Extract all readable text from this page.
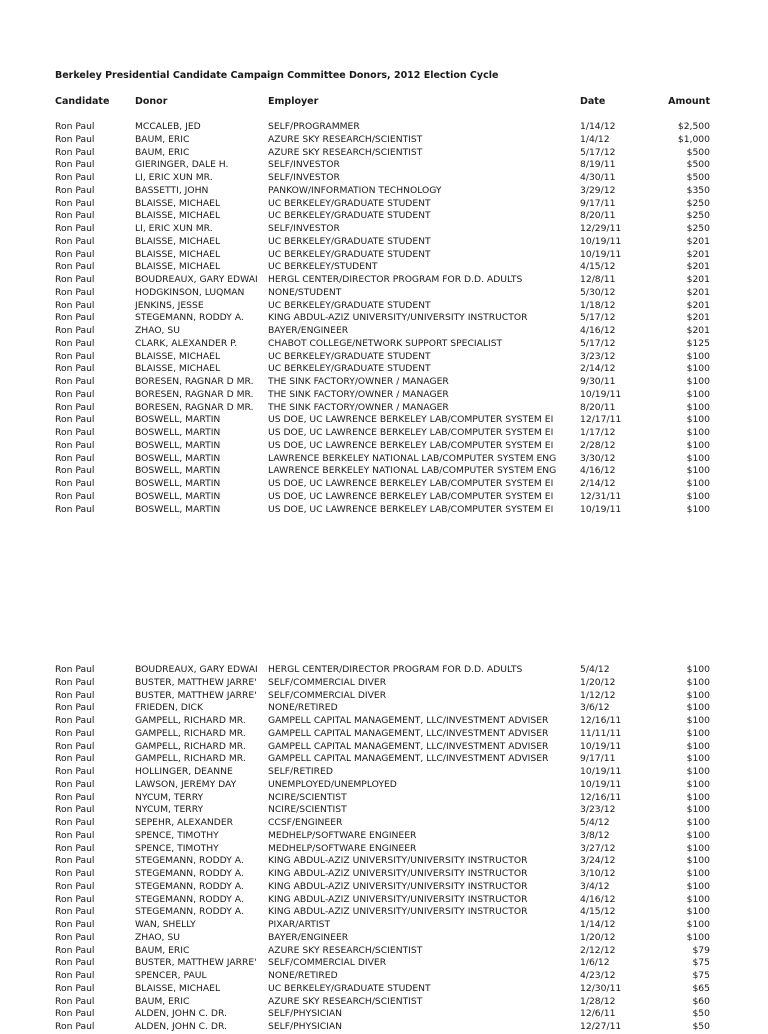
Berkeley Presidential Candidate Campaign Committee Donors, 2012 Election Cycle
Candidate	Donor	Employer	Date	Amount
Ron Paul	MCCALEB, JED	SELF/PROGRAMMER	1/14/12	$2,500
Ron Paul	BAUM, ERIC	AZURE SKY RESEARCH/SCIENTIST	1/4/12	$1,000
Ron Paul	BAUM, ERIC	AZURE SKY RESEARCH/SCIENTIST	5/17/12	$500
Ron Paul	GIERINGER, DALE H.	SELF/INVESTOR	8/19/11	$500
Ron Paul	LI, ERIC XUN MR.	SELF/INVESTOR	4/30/11	$500
Ron Paul	BASSETTI, JOHN	PANKOW/INFORMATION TECHNOLOGY	3/29/12	$350
Ron Paul	BLAISSE, MICHAEL	UC BERKELEY/GRADUATE STUDENT	9/17/11	$250
Ron Paul	BLAISSE, MICHAEL	UC BERKELEY/GRADUATE STUDENT	8/20/11	$250
Ron Paul	LI, ERIC XUN MR.	SELF/INVESTOR	12/29/11	$250
Ron Paul	BLAISSE, MICHAEL	UC BERKELEY/GRADUATE STUDENT	10/19/11	$201
Ron Paul	BLAISSE, MICHAEL	UC BERKELEY/GRADUATE STUDENT	10/19/11	$201
Ron Paul	BLAISSE, MICHAEL	UC BERKELEY/STUDENT	4/15/12	$201
Ron Paul	BOUDREAUX, GARY EDWAI	HERGL CENTER/DIRECTOR PROGRAM FOR D.D. ADULTS	12/8/11	$201
Ron Paul	HODGKINSON, LUQMAN	NONE/STUDENT	5/30/12	$201
Ron Paul	JENKINS, JESSE	UC BERKELEY/GRADUATE STUDENT	1/18/12	$201
Ron Paul	STEGEMANN, RODDY A.	KING ABDUL-AZIZ UNIVERSITY/UNIVERSITY INSTRUCTOR	5/17/12	$201
Ron Paul	ZHAO, SU	BAYER/ENGINEER	4/16/12	$201
Ron Paul	CLARK, ALEXANDER P.	CHABOT COLLEGE/NETWORK SUPPORT SPECIALIST	5/17/12	$125
Ron Paul	BLAISSE, MICHAEL	UC BERKELEY/GRADUATE STUDENT	3/23/12	$100
Ron Paul	BLAISSE, MICHAEL	UC BERKELEY/GRADUATE STUDENT	2/14/12	$100
Ron Paul	BORESEN, RAGNAR D MR.	THE SINK FACTORY/OWNER / MANAGER	9/30/11	$100
Ron Paul	BORESEN, RAGNAR D MR.	THE SINK FACTORY/OWNER / MANAGER	10/19/11	$100
Ron Paul	BORESEN, RAGNAR D MR.	THE SINK FACTORY/OWNER / MANAGER	8/20/11	$100
Ron Paul	BOSWELL, MARTIN	US DOE, UC LAWRENCE BERKELEY LAB/COMPUTER SYSTEM EI	12/17/11	$100
Ron Paul	BOSWELL, MARTIN	US DOE, UC LAWRENCE BERKELEY LAB/COMPUTER SYSTEM EI	1/17/12	$100
Ron Paul	BOSWELL, MARTIN	US DOE, UC LAWRENCE BERKELEY LAB/COMPUTER SYSTEM EI	2/28/12	$100
Ron Paul	BOSWELL, MARTIN	LAWRENCE BERKELEY NATIONAL LAB/COMPUTER SYSTEM ENG	3/30/12	$100
Ron Paul	BOSWELL, MARTIN	LAWRENCE BERKELEY NATIONAL LAB/COMPUTER SYSTEM ENG	4/16/12	$100
Ron Paul	BOSWELL, MARTIN	US DOE, UC LAWRENCE BERKELEY LAB/COMPUTER SYSTEM EI	2/14/12	$100
Ron Paul	BOSWELL, MARTIN	US DOE, UC LAWRENCE BERKELEY LAB/COMPUTER SYSTEM EI	12/31/11	$100
Ron Paul	BOSWELL, MARTIN	US DOE, UC LAWRENCE BERKELEY LAB/COMPUTER SYSTEM EI	10/19/11	$100
Ron Paul	BOUDREAUX, GARY EDWAI	HERGL CENTER/DIRECTOR PROGRAM FOR D.D. ADULTS	5/4/12	$100
Ron Paul	BUSTER, MATTHEW JARRE'	SELF/COMMERCIAL DIVER	1/20/12	$100
Ron Paul	BUSTER, MATTHEW JARRE'	SELF/COMMERCIAL DIVER	1/12/12	$100
Ron Paul	FRIEDEN, DICK	NONE/RETIRED	3/6/12	$100
Ron Paul	GAMPELL, RICHARD MR.	GAMPELL CAPITAL MANAGEMENT, LLC/INVESTMENT ADVISER	12/16/11	$100
Ron Paul	GAMPELL, RICHARD MR.	GAMPELL CAPITAL MANAGEMENT, LLC/INVESTMENT ADVISER	11/11/11	$100
Ron Paul	GAMPELL, RICHARD MR.	GAMPELL CAPITAL MANAGEMENT, LLC/INVESTMENT ADVISER	10/19/11	$100
Ron Paul	GAMPELL, RICHARD MR.	GAMPELL CAPITAL MANAGEMENT, LLC/INVESTMENT ADVISER	9/17/11	$100
Ron Paul	HOLLINGER, DEANNE	SELF/RETIRED	10/19/11	$100
Ron Paul	LAWSON, JEREMY DAY	UNEMPLOYED/UNEMPLOYED	10/19/11	$100
Ron Paul	NYCUM, TERRY	NCIRE/SCIENTIST	12/16/11	$100
Ron Paul	NYCUM, TERRY	NCIRE/SCIENTIST	3/23/12	$100
Ron Paul	SEPEHR, ALEXANDER	CCSF/ENGINEER	5/4/12	$100
Ron Paul	SPENCE, TIMOTHY	MEDHELP/SOFTWARE ENGINEER	3/8/12	$100
Ron Paul	SPENCE, TIMOTHY	MEDHELP/SOFTWARE ENGINEER	3/27/12	$100
Ron Paul	STEGEMANN, RODDY A.	KING ABDUL-AZIZ UNIVERSITY/UNIVERSITY INSTRUCTOR	3/24/12	$100
Ron Paul	STEGEMANN, RODDY A.	KING ABDUL-AZIZ UNIVERSITY/UNIVERSITY INSTRUCTOR	3/10/12	$100
Ron Paul	STEGEMANN, RODDY A.	KING ABDUL-AZIZ UNIVERSITY/UNIVERSITY INSTRUCTOR	3/4/12	$100
Ron Paul	STEGEMANN, RODDY A.	KING ABDUL-AZIZ UNIVERSITY/UNIVERSITY INSTRUCTOR	4/16/12	$100
Ron Paul	STEGEMANN, RODDY A.	KING ABDUL-AZIZ UNIVERSITY/UNIVERSITY INSTRUCTOR	4/15/12	$100
Ron Paul	WAN, SHELLY	PIXAR/ARTIST	1/14/12	$100
Ron Paul	ZHAO, SU	BAYER/ENGINEER	1/20/12	$100
Ron Paul	BAUM, ERIC	AZURE SKY RESEARCH/SCIENTIST	2/12/12	$79
Ron Paul	BUSTER, MATTHEW JARRE'	SELF/COMMERCIAL DIVER	1/6/12	$75
Ron Paul	SPENCER, PAUL	NONE/RETIRED	4/23/12	$75
Ron Paul	BLAISSE, MICHAEL	UC BERKELEY/GRADUATE STUDENT	12/30/11	$65
Ron Paul	BAUM, ERIC	AZURE SKY RESEARCH/SCIENTIST	1/28/12	$60
Ron Paul	ALDEN, JOHN C. DR.	SELF/PHYSICIAN	12/6/11	$50
Ron Paul	ALDEN, JOHN C. DR.	SELF/PHYSICIAN	12/27/11	$50
